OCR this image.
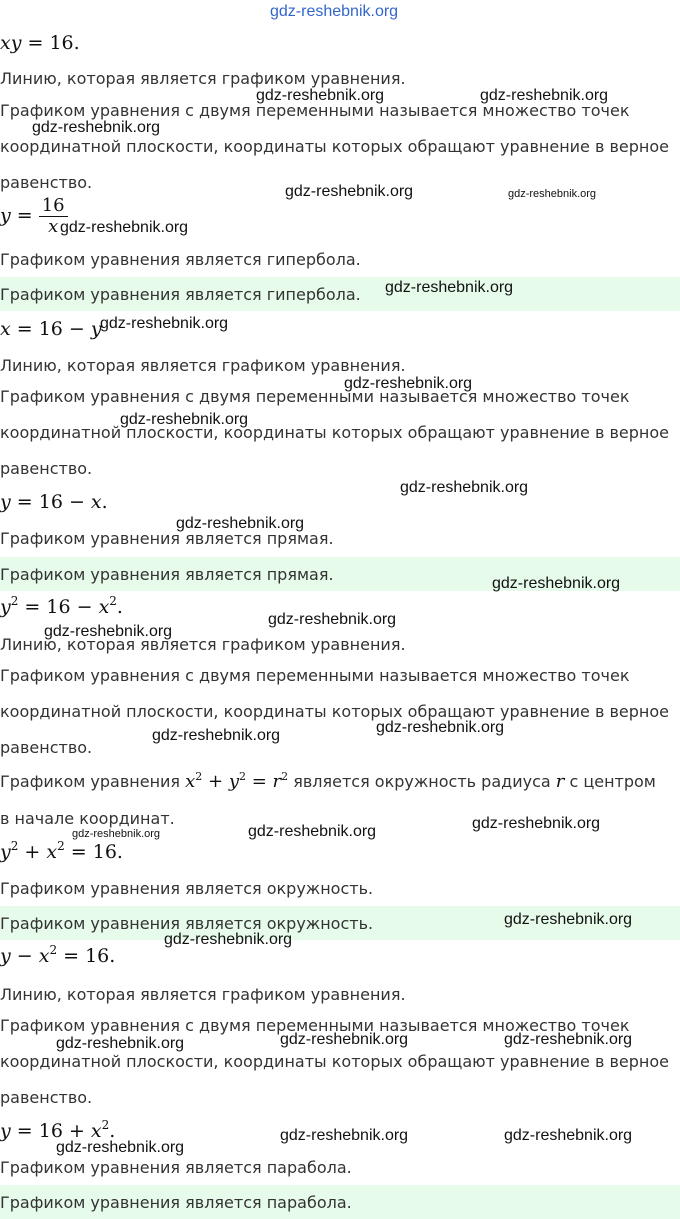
xy = 16.
Линию, которая является графиком уравнения.
Графиком уравнения с двумя переменными называется множество точек
координатной плоскости, координаты которых обращают уравнение в верное
равенство.
$y = \frac{16}{x}$
Графиком уравнения является гипербола.
Графиком уравнения является гипербола.
x = 16 − y
Линию, которая является графиком уравнения.
Графиком уравнения с двумя переменными называется множество точек
координатной плоскости, координаты которых обращают уравнение в верное
равенство.
y = 16 − x.
Графиком уравнения является прямая.
Графиком уравнения является прямая.
$y^2 = 16 - x^2$.
Линию, которая является графиком уравнения.
Графиком уравнения с двумя переменными называется множество точек
координатной плоскости, координаты которых обращают уравнение в верное
равенство.
Графиком уравнения $x^2 + y^2 = r^2$ является окружность радиуса r с центром
в начале координат.
$y^2 + x^2 = 16$.
Графиком уравнения является окружность.
Графиком уравнения является окружность.
$y - x^2 = 16$.
Линию, которая является графиком уравнения.
Графиком уравнения с двумя переменными называется множество точек
координатной плоскости, координаты которых обращают уравнение в верное
равенство.
$y = 16 + x^2$.
Графиком уравнения является парабола.
Графиком уравнения является парабола.
gdz-reshebnik.org
gdz-reshebnik.org	gdz-reshebnik.org
gdz-reshebnik.org
gdz-reshebnik.org	gdz-reshebnik.org
gdz-reshebnik.org
gdz-reshebnik.org
gdz-reshebnik.org
gdz-reshebnik.org
gdz-reshebnik.org
gdz-reshebnik.org
gdz-reshebnik.org
gdz-reshebnik.org
gdz-reshebnik.org
gdz-reshebnik.org
gdz-reshebnik.org
gdz-reshebnik.org
gdz-reshebnik.org
gdz-reshebnik.org
gdz-reshebnik.org
gdz-reshebnik.org
gdz-reshebnik.org
gdz-reshebnik.org	gdz-reshebnik.org
gdz-reshebnik.org
gdz-reshebnik.org	gdz-reshebnik.org
gdz-reshebnik.org
